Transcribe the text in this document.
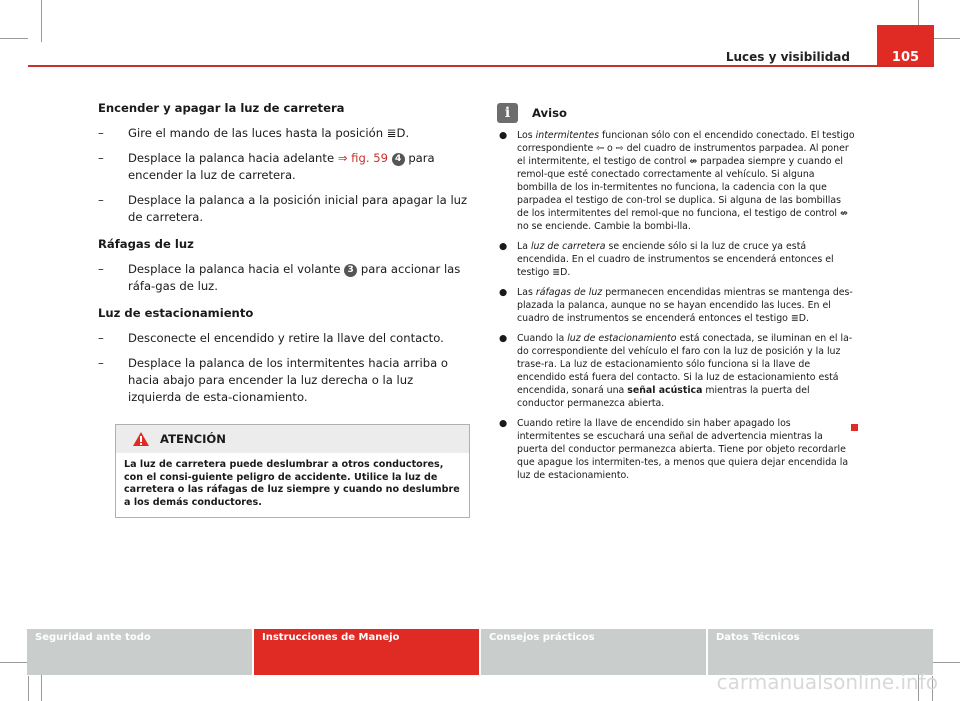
Luces y visibilidad	105
Encender y apagar la luz de carretera
– Gire el mando de las luces hasta la posición ≣D.
– Desplace la palanca hacia adelante ⇒ fig. 59 4 para encender la luz de carretera.
– Desplace la palanca a la posición inicial para apagar la luz de carretera.
Ráfagas de luz
– Desplace la palanca hacia el volante 3 para accionar las ráfa-gas de luz.
Luz de estacionamiento
– Desconecte el encendido y retire la llave del contacto.
– Desplace la palanca de los intermitentes hacia arriba o hacia abajo para encender la luz derecha o la luz izquierda de esta-cionamiento.
ATENCIÓN
La luz de carretera puede deslumbrar a otros conductores, con el consi-guiente peligro de accidente. Utilice la luz de carretera o las ráfagas de luz siempre y cuando no deslumbre a los demás conductores.
i	Aviso
● Los intermitentes funcionan sólo con el encendido conectado. El testigo correspondiente ⇦ o ⇨ del cuadro de instrumentos parpadea. Al poner el intermitente, el testigo de control ⇎ parpadea siempre y cuando el remol-que esté conectado correctamente al vehículo. Si alguna bombilla de los in-termitentes no funciona, la cadencia con la que parpadea el testigo de con-trol se duplica. Si alguna de las bombillas de los intermitentes del remol-que no funciona, el testigo de control ⇎ no se enciende. Cambie la bombi-lla.
● La luz de carretera se enciende sólo si la luz de cruce ya está encendida. En el cuadro de instrumentos se encenderá entonces el testigo ≣D.
● Las ráfagas de luz permanecen encendidas mientras se mantenga des-plazada la palanca, aunque no se hayan encendido las luces. En el cuadro de instrumentos se encenderá entonces el testigo ≣D.
● Cuando la luz de estacionamiento está conectada, se iluminan en el la-do correspondiente del vehículo el faro con la luz de posición y la luz trase-ra. La luz de estacionamiento sólo funciona si la llave de encendido está fuera del contacto. Si la luz de estacionamiento está encendida, sonará una señal acústica mientras la puerta del conductor permanezca abierta.
● Cuando retire la llave de encendido sin haber apagado los intermitentes se escuchará una señal de advertencia mientras la puerta del conductor permanezca abierta. Tiene por objeto recordarle que apague los intermiten-tes, a menos que quiera dejar encendida la luz de estacionamiento.
Seguridad ante todo	Instrucciones de Manejo	Consejos prácticos	Datos Técnicos
carmanualsonline.info
